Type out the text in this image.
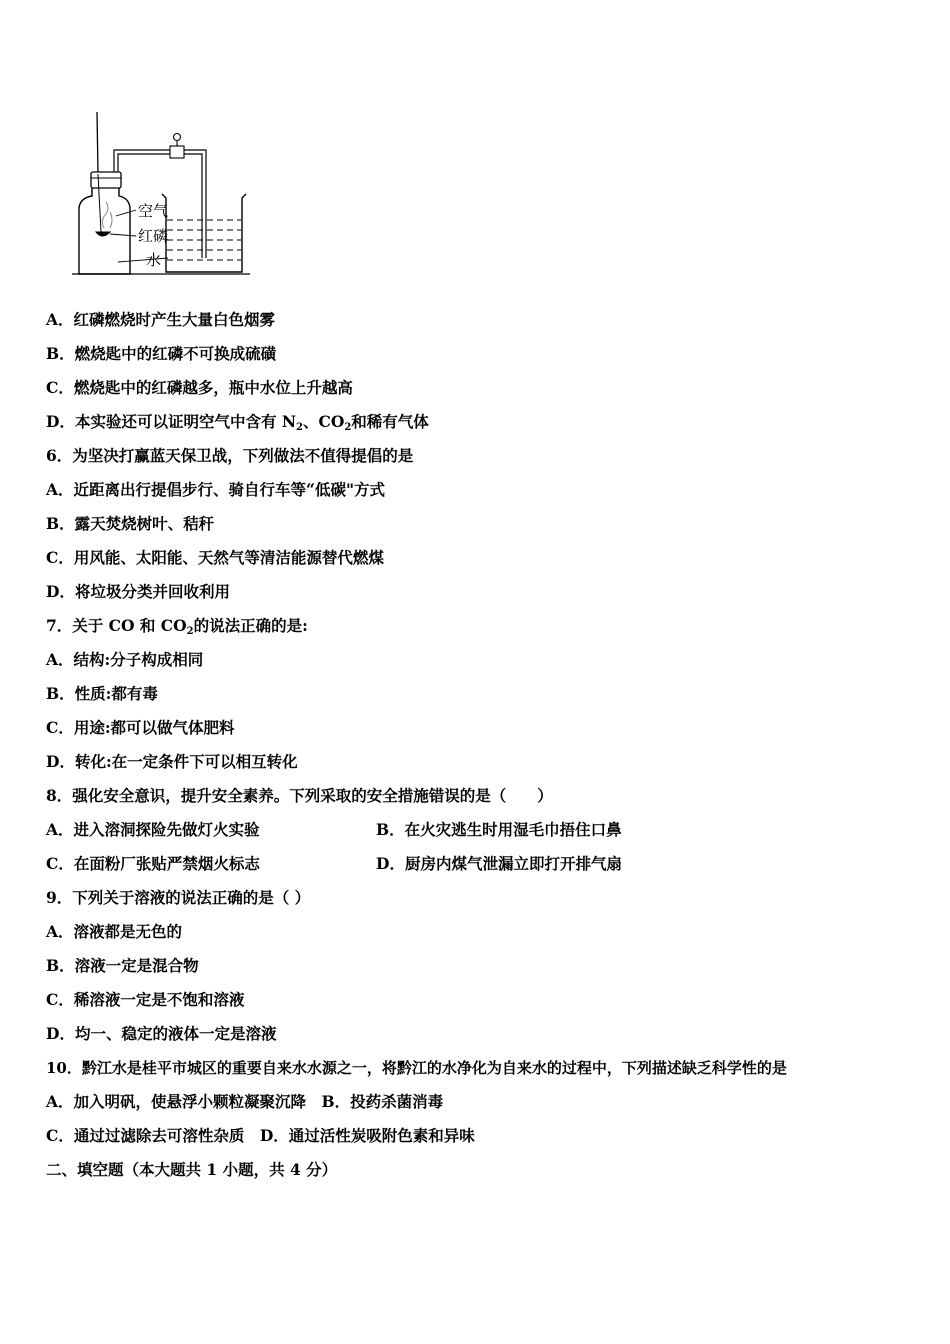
空气
红磷
水
A．红磷燃烧时产生大量白色烟雾
B．燃烧匙中的红磷不可换成硫磺
C．燃烧匙中的红磷越多，瓶中水位上升越高
D．本实验还可以证明空气中含有 $N_2$、$CO_2$和稀有气体
6．为坚决打赢蓝天保卫战，下列做法不值得提倡的是
A．近距离出行提倡步行、骑自行车等“低碳"方式
B．露天焚烧树叶、秸秆
C．用风能、太阳能、天然气等清洁能源替代燃煤
D．将垃圾分类并回收利用
7．关于 CO 和 $CO_2$的说法正确的是:
A．结构:分子构成相同
B．性质:都有毒
C．用途:都可以做气体肥料
D．转化:在一定条件下可以相互转化
8．强化安全意识，提升安全素养。下列采取的安全措施错误的是（　　）
A．进入溶洞探险先做灯火实验	B．在火灾逃生时用湿毛巾捂住口鼻
C．在面粉厂张贴严禁烟火标志	D．厨房内煤气泄漏立即打开排气扇
9．下列关于溶液的说法正确的是（ ）
A．溶液都是无色的
B．溶液一定是混合物
C．稀溶液一定是不饱和溶液
D．均一、稳定的液体一定是溶液
10．黔江水是桂平市城区的重要自来水水源之一，将黔江的水净化为自来水的过程中，下列描述缺乏科学性的是
A．加入明矾，使悬浮小颗粒凝聚沉降　B．投药杀菌消毒
C．通过过滤除去可溶性杂质　D．通过活性炭吸附色素和异味
二、填空题（本大题共 1 小题，共 4 分）
